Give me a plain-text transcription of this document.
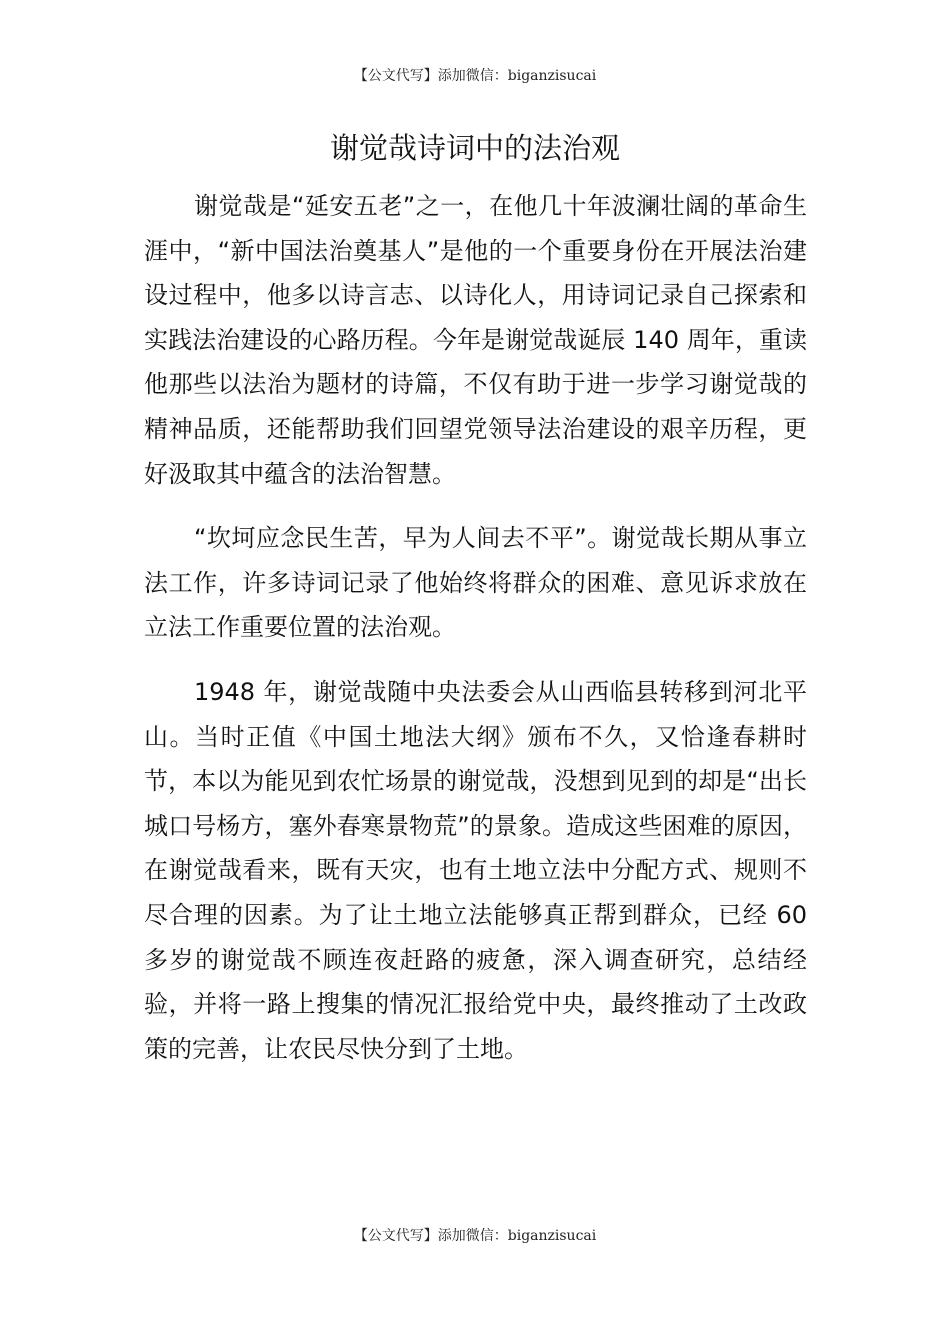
【公文代写】添加微信：biganzisucai
谢觉哉诗词中的法治观

谢觉哉是“延安五老”之一，在他几十年波澜壮阔的革命生涯中，“新中国法治奠基人”是他的一个重要身份在开展法治建设过程中，他多以诗言志、以诗化人，用诗词记录自己探索和实践法治建设的心路历程。今年是谢觉哉诞辰 140 周年，重读他那些以法治为题材的诗篇，不仅有助于进一步学习谢觉哉的精神品质，还能帮助我们回望党领导法治建设的艰辛历程，更好汲取其中蕴含的法治智慧。

“坎坷应念民生苦，早为人间去不平”。谢觉哉长期从事立法工作，许多诗词记录了他始终将群众的困难、意见诉求放在立法工作重要位置的法治观。

1948 年，谢觉哉随中央法委会从山西临县转移到河北平山。当时正值《中国土地法大纲》颁布不久，又恰逢春耕时节，本以为能见到农忙场景的谢觉哉，没想到见到的却是“出长城口号杨方，塞外春寒景物荒”的景象。造成这些困难的原因，在谢觉哉看来，既有天灾，也有土地立法中分配方式、规则不尽合理的因素。为了让土地立法能够真正帮到群众，已经 60 多岁的谢觉哉不顾连夜赶路的疲惫，深入调查研究，总结经验，并将一路上搜集的情况汇报给党中央，最终推动了土改政策的完善，让农民尽快分到了土地。

【公文代写】添加微信：biganzisucai
